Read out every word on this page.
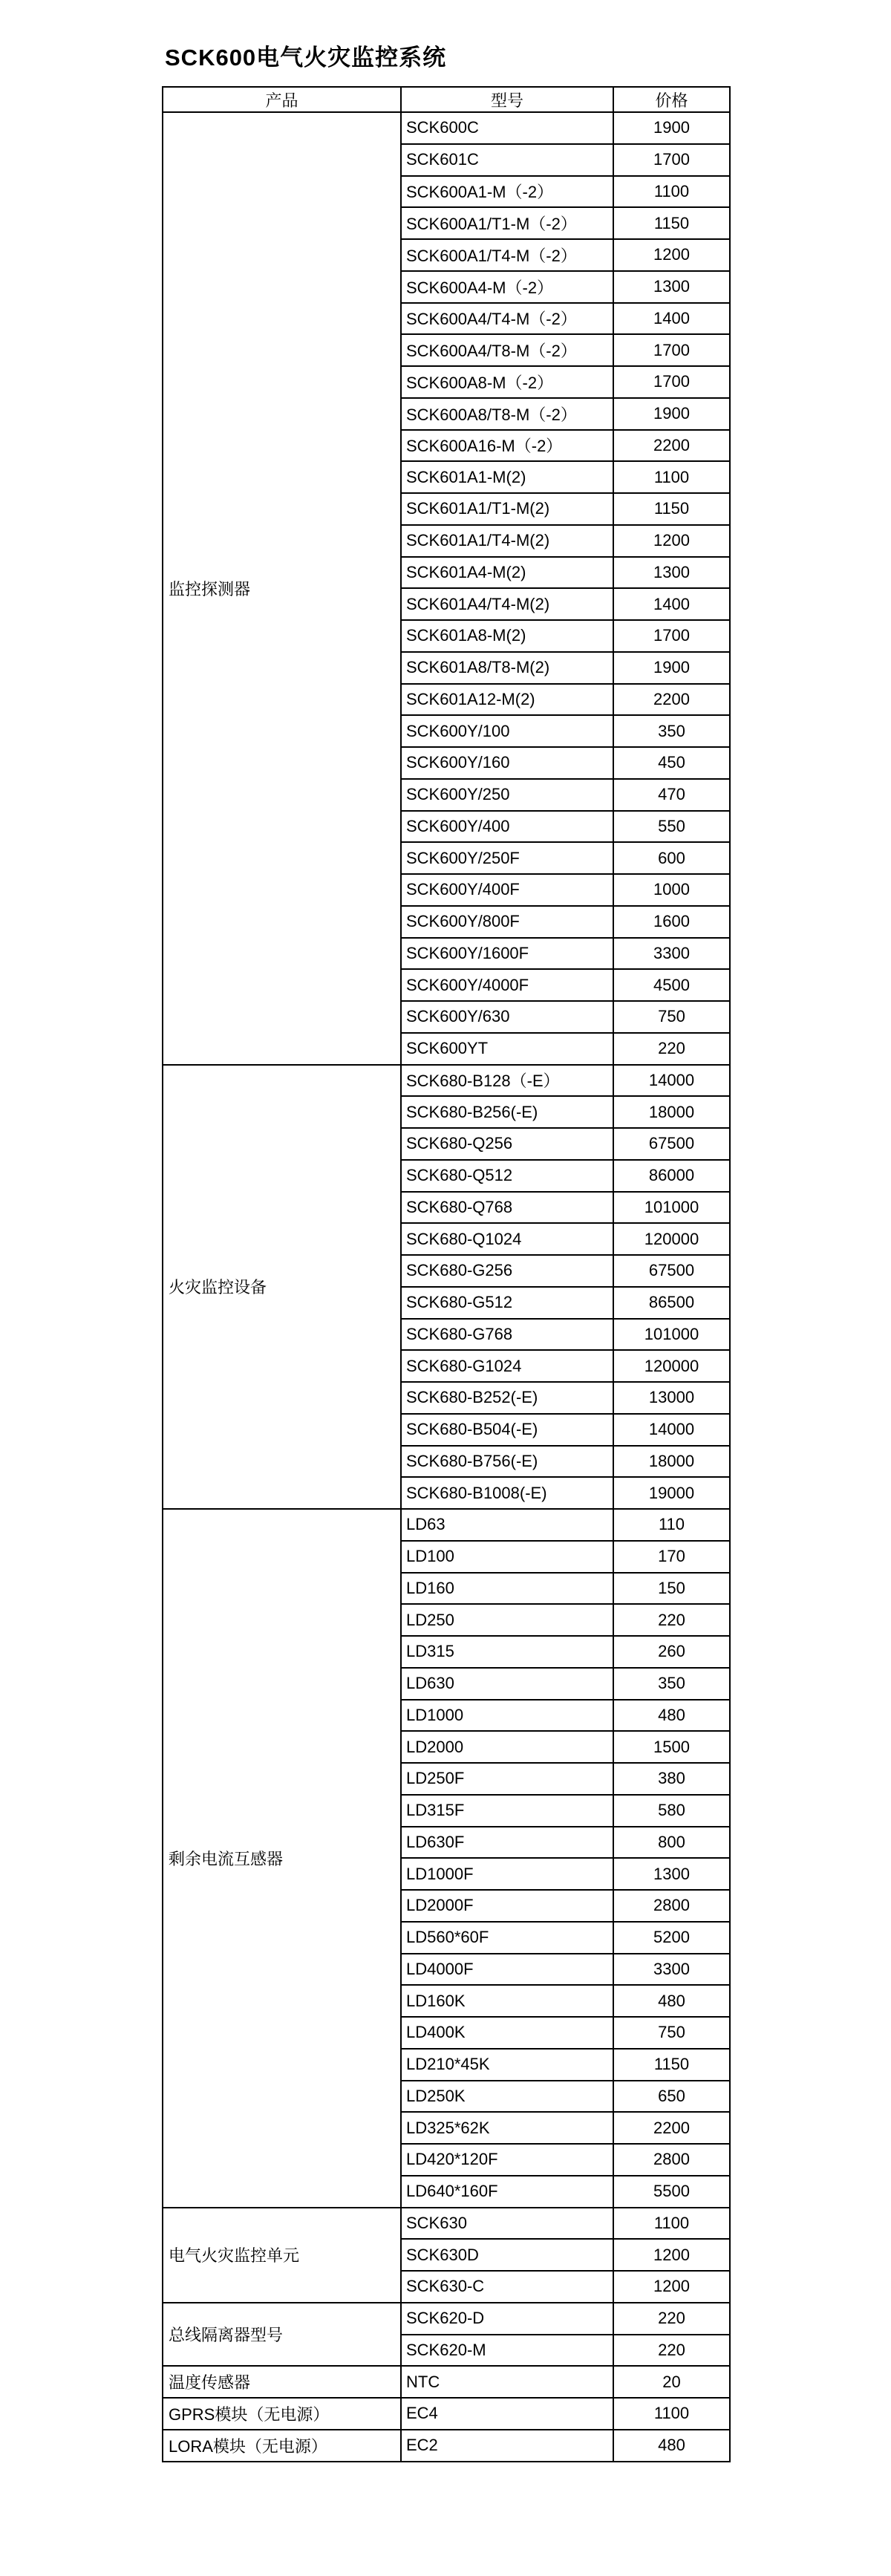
SCK600电气火灾监控系统
产品	型号	价格
监控探测器	SCK600C	1900
	SCK601C	1700
	SCK600A1-M（-2）	1100
	SCK600A1/T1-M（-2）	1150
	SCK600A1/T4-M（-2）	1200
	SCK600A4-M（-2）	1300
	SCK600A4/T4-M（-2）	1400
	SCK600A4/T8-M（-2）	1700
	SCK600A8-M（-2）	1700
	SCK600A8/T8-M（-2）	1900
	SCK600A16-M（-2）	2200
	SCK601A1-M(2)	1100
	SCK601A1/T1-M(2)	1150
	SCK601A1/T4-M(2)	1200
	SCK601A4-M(2)	1300
	SCK601A4/T4-M(2)	1400
	SCK601A8-M(2)	1700
	SCK601A8/T8-M(2)	1900
	SCK601A12-M(2)	2200
	SCK600Y/100	350
	SCK600Y/160	450
	SCK600Y/250	470
	SCK600Y/400	550
	SCK600Y/250F	600
	SCK600Y/400F	1000
	SCK600Y/800F	1600
	SCK600Y/1600F	3300
	SCK600Y/4000F	4500
	SCK600Y/630	750
	SCK600YT	220
火灾监控设备	SCK680-B128（-E）	14000
	SCK680-B256(-E)	18000
	SCK680-Q256	67500
	SCK680-Q512	86000
	SCK680-Q768	101000
	SCK680-Q1024	120000
	SCK680-G256	67500
	SCK680-G512	86500
	SCK680-G768	101000
	SCK680-G1024	120000
	SCK680-B252(-E)	13000
	SCK680-B504(-E)	14000
	SCK680-B756(-E)	18000
	SCK680-B1008(-E)	19000
剩余电流互感器	LD63	110
	LD100	170
	LD160	150
	LD250	220
	LD315	260
	LD630	350
	LD1000	480
	LD2000	1500
	LD250F	380
	LD315F	580
	LD630F	800
	LD1000F	1300
	LD2000F	2800
	LD560*60F	5200
	LD4000F	3300
	LD160K	480
	LD400K	750
	LD210*45K	1150
	LD250K	650
	LD325*62K	2200
	LD420*120F	2800
	LD640*160F	5500
电气火灾监控单元	SCK630	1100
	SCK630D	1200
	SCK630-C	1200
总线隔离器型号	SCK620-D	220
	SCK620-M	220
温度传感器	NTC	20
GPRS模块（无电源）	EC4	1100
LORA模块（无电源）	EC2	480
